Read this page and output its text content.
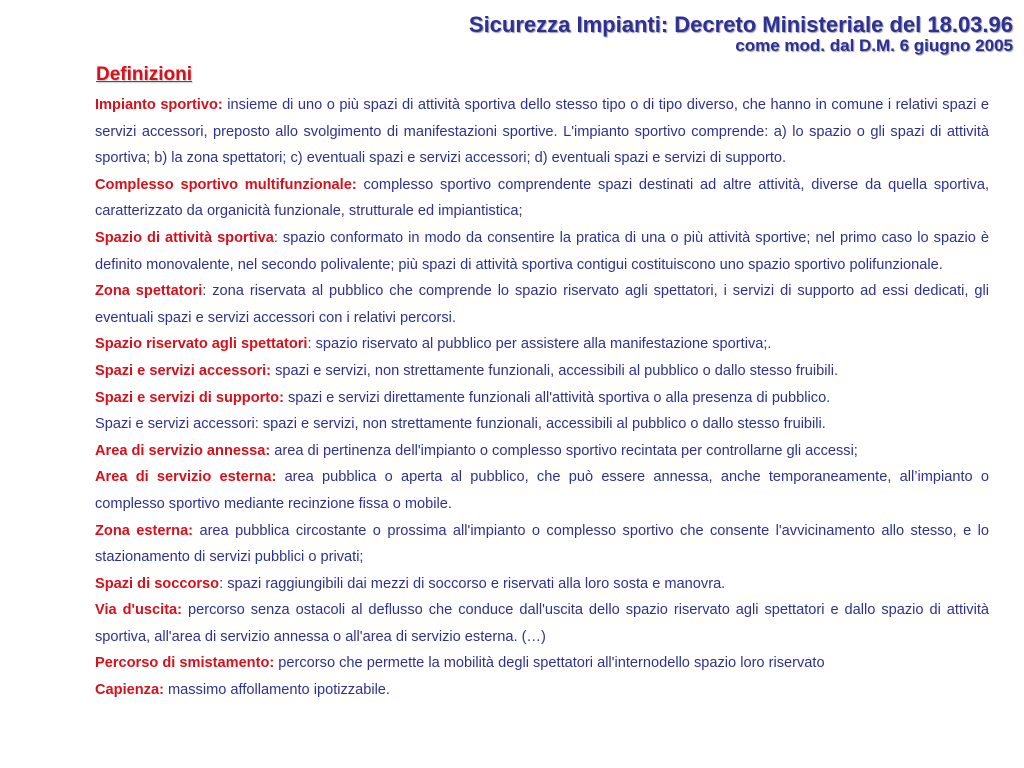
Sicurezza Impianti: Decreto Ministeriale del 18.03.96
come mod. dal D.M. 6 giugno 2005
Definizioni

Impianto sportivo: insieme di uno o più spazi di attività sportiva dello stesso tipo o di tipo diverso, che hanno in comune i relativi spazi e servizi accessori, preposto allo svolgimento di manifestazioni sportive. L'impianto sportivo comprende: a) lo spazio o gli spazi di attività sportiva; b) la zona spettatori; c) eventuali spazi e servizi accessori; d) eventuali spazi e servizi di supporto.

Complesso sportivo multifunzionale: complesso sportivo comprendente spazi destinati ad altre attività, diverse da quella sportiva, caratterizzato da organicità funzionale, strutturale ed impiantistica;

Spazio di attività sportiva: spazio conformato in modo da consentire la pratica di una o più attività sportive; nel primo caso lo spazio è definito monovalente, nel secondo polivalente; più spazi di attività sportiva contigui costituiscono uno spazio sportivo polifunzionale.

Zona spettatori: zona riservata al pubblico che comprende lo spazio riservato agli spettatori, i servizi di supporto ad essi dedicati, gli eventuali spazi e servizi accessori con i relativi percorsi.

Spazio riservato agli spettatori: spazio riservato al pubblico per assistere alla manifestazione sportiva;.

Spazi e servizi accessori: spazi e servizi, non strettamente funzionali, accessibili al pubblico o dallo stesso fruibili.

Spazi e servizi di supporto: spazi e servizi direttamente funzionali all'attività sportiva o alla presenza di pubblico.

Spazi e servizi accessori: spazi e servizi, non strettamente funzionali, accessibili al pubblico o dallo stesso fruibili.

Area di servizio annessa: area di pertinenza dell'impianto o complesso sportivo recintata per controllarne gli accessi;

Area di servizio esterna: area pubblica o aperta al pubblico, che può essere annessa, anche temporaneamente, all’impianto o complesso sportivo mediante recinzione fissa o mobile.

Zona esterna: area pubblica circostante o prossima all'impianto o complesso sportivo che consente l'avvicinamento allo stesso, e lo stazionamento di servizi pubblici o privati;

Spazi di soccorso: spazi raggiungibili dai mezzi di soccorso e riservati alla loro sosta e manovra.

Via d'uscita: percorso senza ostacoli al deflusso che conduce dall'uscita dello spazio riservato agli spettatori e dallo spazio di attività sportiva, all'area di servizio annessa o all'area di servizio esterna. (…)

Percorso di smistamento: percorso che permette la mobilità degli spettatori all'internodello spazio loro riservato

Capienza: massimo affollamento ipotizzabile.
